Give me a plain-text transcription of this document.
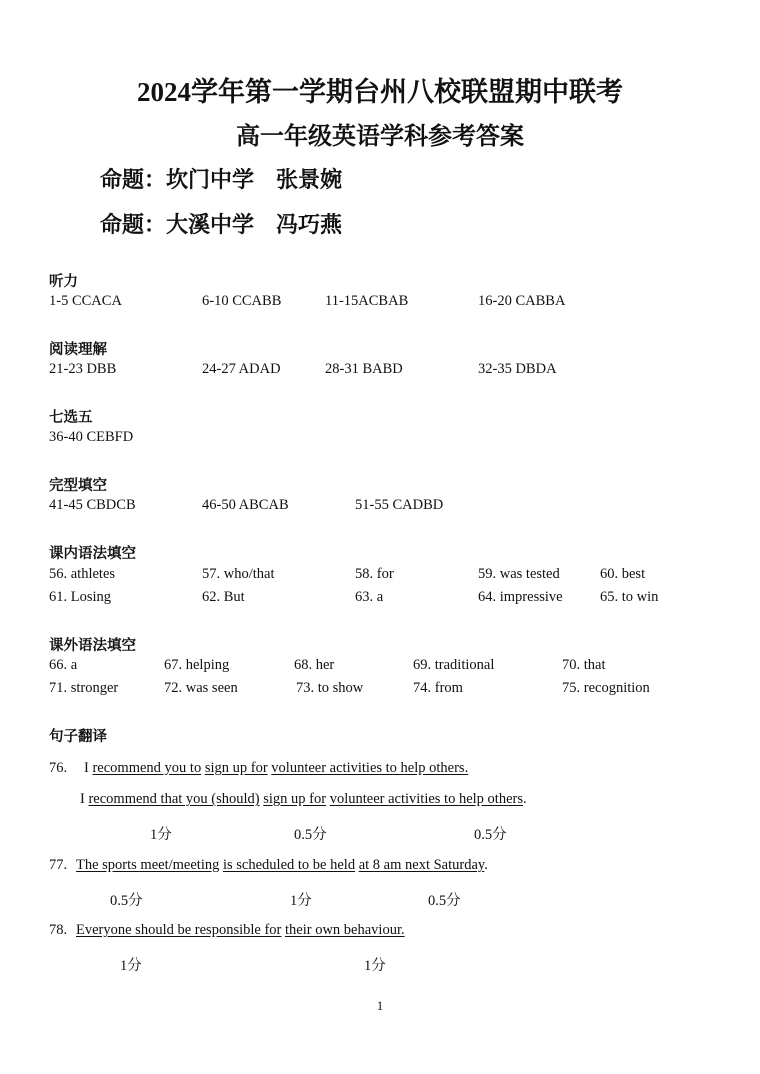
2024学年第一学期台州八校联盟期中联考
高一年级英语学科参考答案
命题：坎门中学　张景婉
命题：大溪中学　冯巧燕
听力
1-5 CCACA	6-10 CCABB	11-15ACBAB	16-20 CABBA
阅读理解
21-23 DBB	24-27 ADAD	28-31 BABD	32-35 DBDA
七选五
36-40 CEBFD
完型填空
41-45 CBDCB	46-50 ABCAB	51-55 CADBD
课内语法填空
56. athletes	57. who/that	58. for	59. was tested	60. best
61. Losing	62. But	63. a	64. impressive	65. to win
课外语法填空
66. a	67. helping	68. her	69. traditional	70. that
71. stronger	72. was seen	73. to show	74. from	75. recognition
句子翻译
76. I recommend you to sign up for volunteer activities to help others.
I recommend that you (should) sign up for volunteer activities to help others.
1分	0.5分	0.5分
77. The sports meet/meeting is scheduled to be held at 8 am next Saturday.
0.5分	1分	0.5分
78. Everyone should be responsible for their own behaviour.
1分	1分
1
